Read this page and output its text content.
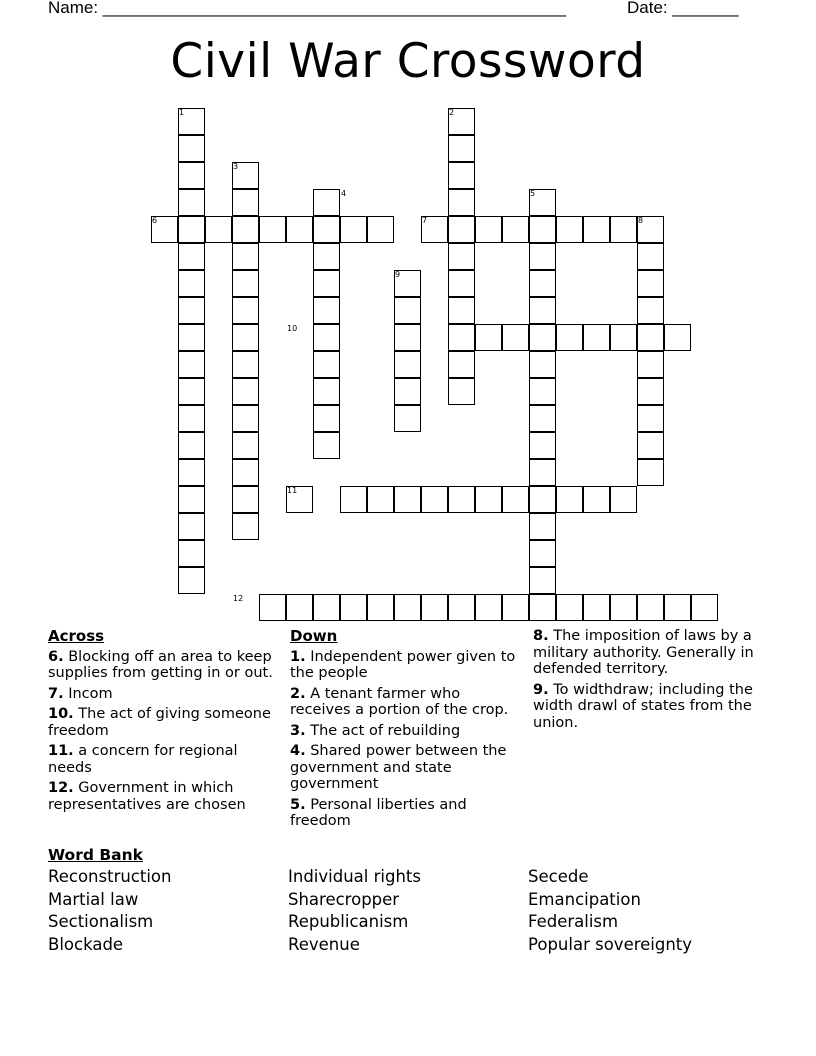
Name: _________________________________________________	Date: _______
Civil War Crossword
1	2
3
4	5
6	7	8
9
10
11
12
Across
6. Blocking off an area to keep supplies from getting in or out.
7. Incom
10. The act of giving someone freedom
11. a concern for regional needs
12. Government in which representatives are chosen
Down
1. Independent power given to the people
2. A tenant farmer who receives a portion of the crop.
3. The act of rebuilding
4. Shared power between the government and state government
5. Personal liberties and freedom
8. The imposition of laws by a military authority. Generally in defended territory.
9. To widthdraw; including the width drawl of states from the union.
Word Bank
Reconstruction
Martial law
Sectionalism
Blockade
Individual rights
Sharecropper
Republicanism
Revenue
Secede
Emancipation
Federalism
Popular sovereignty
